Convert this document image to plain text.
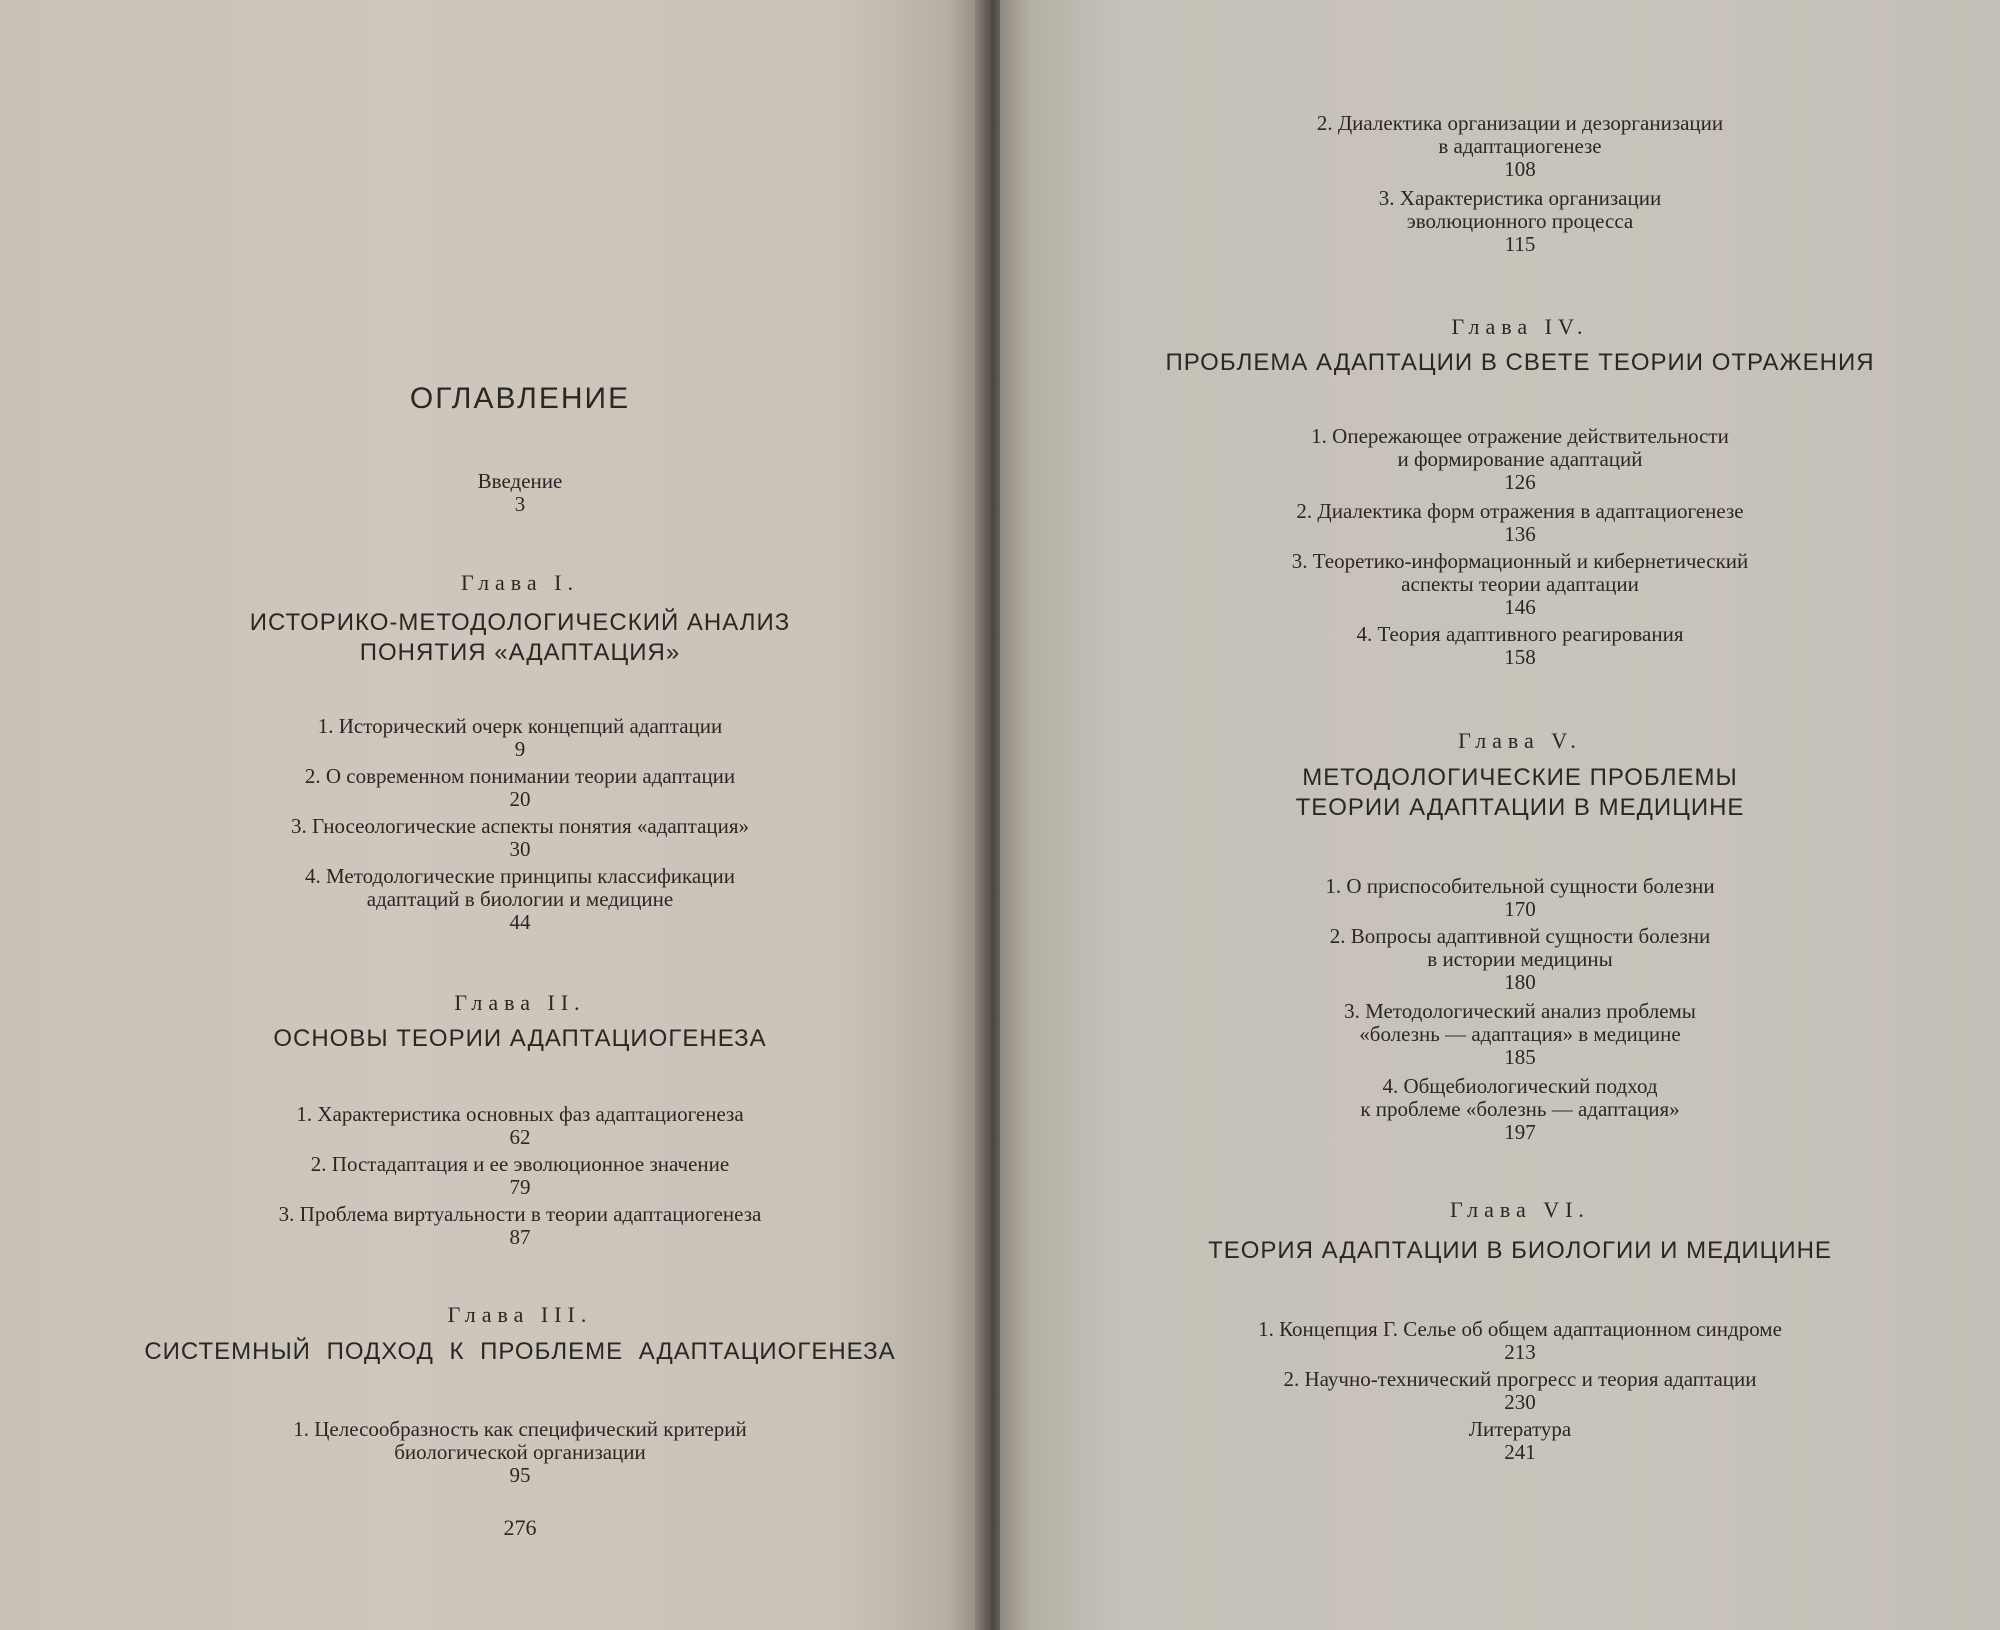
ОГЛАВЛЕНИЕ
Введение
3
Глава I.
ИСТОРИКО-МЕТОДОЛОГИЧЕСКИЙ АНАЛИЗ
ПОНЯТИЯ «АДАПТАЦИЯ»
1. Исторический очерк концепций адаптации
9
2. О современном понимании теории адаптации
20
3. Гносеологические аспекты понятия «адаптация»
30
4. Методологические принципы классификации
адаптаций в биологии и медицине
44
Глава II.
ОСНОВЫ ТЕОРИИ АДАПТАЦИОГЕНЕЗА
1. Характеристика основных фаз адаптациогенеза
62
2. Постадаптация и ее эволюционное значение
79
3. Проблема виртуальности в теории адаптациогенеза
87
Глава III.
СИСТЕМНЫЙ ПОДХОД К ПРОБЛЕМЕ АДАПТАЦИОГЕНЕЗА
1. Целесообразность как специфический критерий
биологической организации
95
276
2. Диалектика организации и дезорганизации
в адаптациогенезе
108
3. Характеристика организации
эволюционного процесса
115
Глава IV.
ПРОБЛЕМА АДАПТАЦИИ В СВЕТЕ ТЕОРИИ ОТРАЖЕНИЯ
1. Опережающее отражение действительности
и формирование адаптаций
126
2. Диалектика форм отражения в адаптациогенезе
136
3. Теоретико-информационный и кибернетический
аспекты теории адаптации
146
4. Теория адаптивного реагирования
158
Глава V.
МЕТОДОЛОГИЧЕСКИЕ ПРОБЛЕМЫ
ТЕОРИИ АДАПТАЦИИ В МЕДИЦИНЕ
1. О приспособительной сущности болезни
170
2. Вопросы адаптивной сущности болезни
в истории медицины
180
3. Методологический анализ проблемы
«болезнь — адаптация» в медицине
185
4. Общебиологический подход
к проблеме «болезнь — адаптация»
197
Глава VI.
ТЕОРИЯ АДАПТАЦИИ В БИОЛОГИИ И МЕДИЦИНЕ
1. Концепция Г. Селье об общем адаптационном синдроме
213
2. Научно-технический прогресс и теория адаптации
230
Литература
241
